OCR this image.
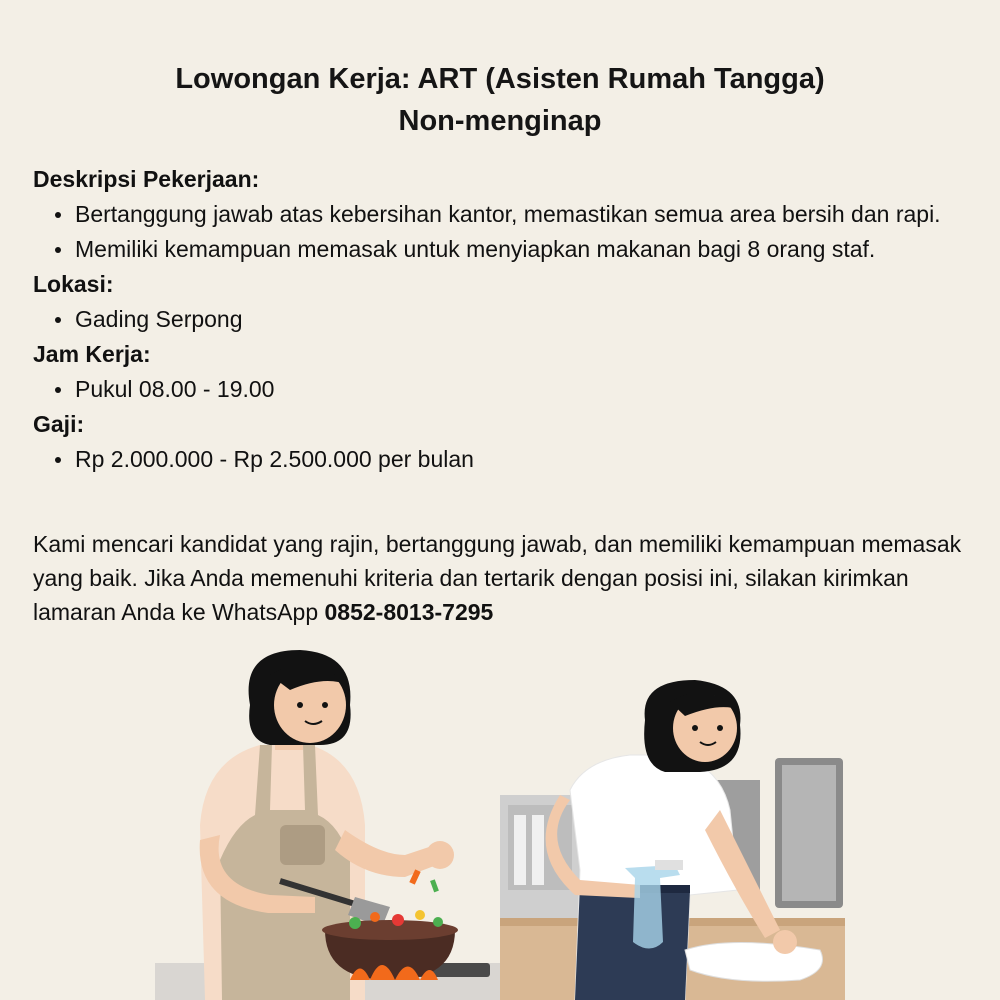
Lowongan Kerja: ART (Asisten Rumah Tangga)
Non-menginap

Deskripsi Pekerjaan:

Bertanggung jawab atas kebersihan kantor, memastikan semua area bersih dan rapi.
Memiliki kemampuan memasak untuk menyiapkan makanan bagi 8 orang staf.

Lokasi:

Gading Serpong

Jam Kerja:

Pukul 08.00 - 19.00

Gaji:

Rp 2.000.000 - Rp 2.500.000 per bulan
Kami mencari kandidat yang rajin, bertanggung jawab, dan memiliki kemampuan memasak yang baik. Jika Anda memenuhi kriteria dan tertarik dengan posisi ini, silakan kirimkan lamaran Anda ke WhatsApp 0852-8013-7295
